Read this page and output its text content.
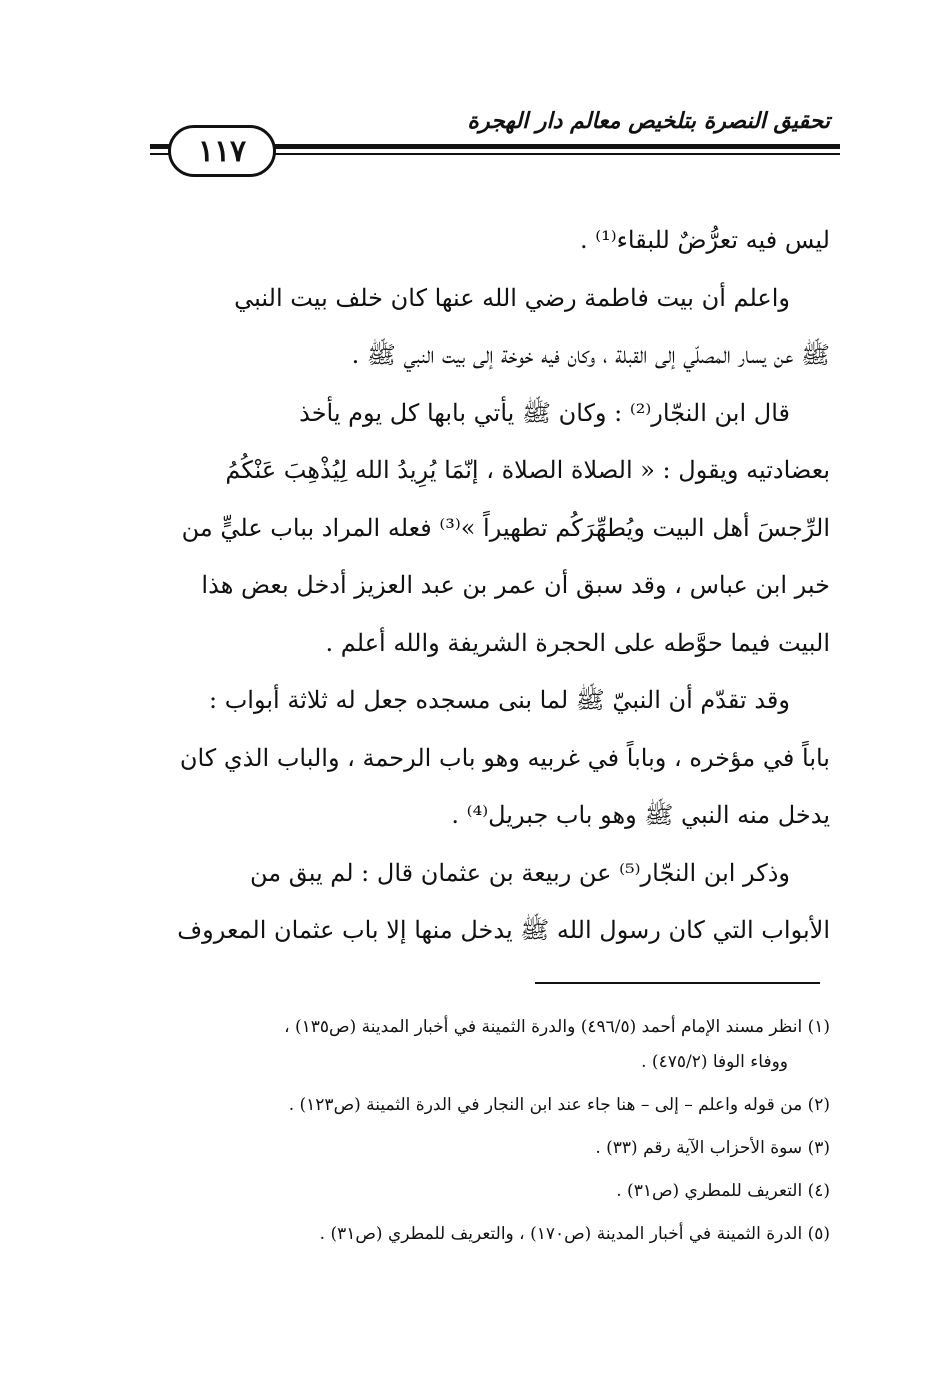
تحقيق النصرة بتلخيص معالم دار الهجرة
١١٧
ليس فيه تعرُّضٌ للبقاء⁽¹⁾ .
واعلم أن بيت فاطمة رضي الله عنها كان خلف بيت النبي
ﷺ عن يسار المصلّي إلى القبلة ، وكان فيه خوخة إلى بيت النبي ﷺ .
قال ابن النجّار⁽²⁾ : وكان ﷺ يأتي بابها كل يوم يأخذ
بعضادتيه ويقول : « الصلاة الصلاة ، إنّمَا يُرِيدُ الله لِيُذْهِبَ عَنْكُمُ
الرِّجسَ أهل البيت ويُطهِّرَكُم تطهيراً »⁽³⁾ فعله المراد بباب عليٍّ من
خبر ابن عباس ، وقد سبق أن عمر بن عبد العزيز أدخل بعض هذا
البيت فيما حوَّطه على الحجرة الشريفة والله أعلم .
وقد تقدّم أن النبيّ ﷺ لما بنى مسجده جعل له ثلاثة أبواب :
باباً في مؤخره ، وباباً في غربيه وهو باب الرحمة ، والباب الذي كان
يدخل منه النبي ﷺ وهو باب جبريل⁽⁴⁾ .
وذكر ابن النجّار⁽⁵⁾ عن ربيعة بن عثمان قال : لم يبق من
الأبواب التي كان رسول الله ﷺ يدخل منها إلا باب عثمان المعروف
(١) انظر مسند الإمام أحمد (٤٩٦/٥) والدرة الثمينة في أخبار المدينة (ص١٣٥) ،
ووفاء الوفا (٤٧٥/٢) .
(٢) من قوله واعلم – إلى – هنا جاء عند ابن النجار في الدرة الثمينة (ص١٢٣) .
(٣) سوة الأحزاب الآية رقم (٣٣) .
(٤) التعريف للمطري (ص٣١) .
(٥) الدرة الثمينة في أخبار المدينة (ص١٧٠) ، والتعريف للمطري (ص٣١) .
